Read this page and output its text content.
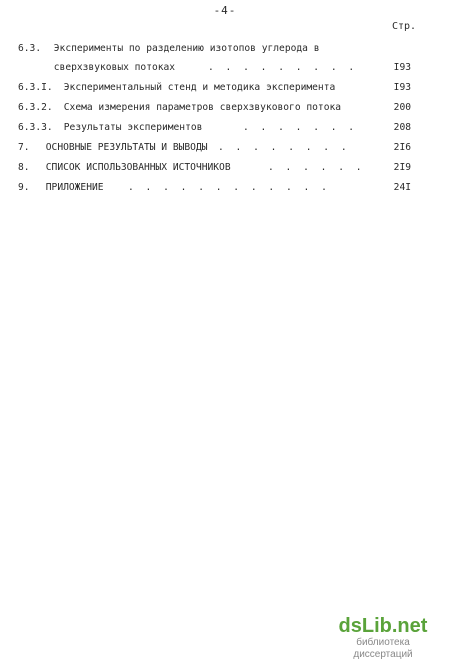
-4-
Стр.
6.3. Эксперименты по разделению изотопов углерода в
сверхзвуковых потоках	. . . . . . . . .	I93
6.3.I. Экспериментальный стенд и методика эксперимента	I93
6.3.2. Схема измерения параметров сверхзвукового потока	200
6.3.3. Результаты экспериментов	. . . . . . .	208
7. ОСНОВНЫЕ РЕЗУЛЬТАТЫ И ВЫВОДЫ . . . . . . . .	2I6
8. СПИСОК ИСПОЛЬЗОВАННЫХ ИСТОЧНИКОВ	. . . . . .	2I9
9. ПРИЛОЖЕНИЕ	. . . . . . . . . . . .	24I
dsLib.net
библиотека диссертаций
